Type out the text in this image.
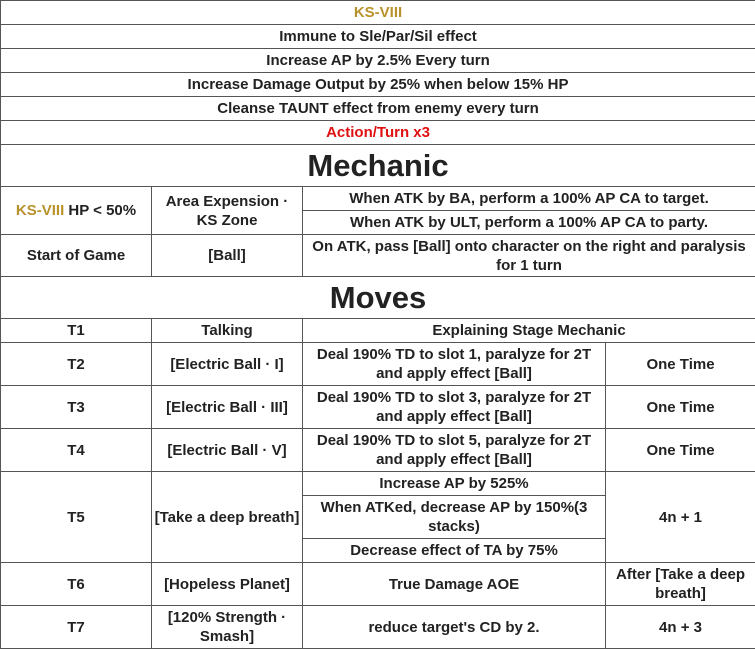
KS-VIII			
Immune to Sle/Par/Sil effect			
Increase AP by 2.5% Every turn			
Increase Damage Output by 25% when below 15% HP			
Cleanse TAUNT effect from enemy every turn			
Action/Turn x3			
Mechanic			
KS-VIII HP < 50%	Area Expension · KS Zone	When ATK by BA, perform a 100% AP CA to target.	
		When ATK by ULT, perform a 100% AP CA to party.	
Start of Game	[Ball]	On ATK, pass [Ball] onto character on the right and paralysis for 1 turn	
Moves			
T1	Talking	Explaining Stage Mechanic	
T2	[Electric Ball · I]	Deal 190% TD to slot 1, paralyze for 2T and apply effect [Ball]	One Time
T3	[Electric Ball · III]	Deal 190% TD to slot 3, paralyze for 2T and apply effect [Ball]	One Time
T4	[Electric Ball · V]	Deal 190% TD to slot 5, paralyze for 2T and apply effect [Ball]	One Time
T5	[Take a deep breath]	Increase AP by 525%	4n + 1
		When ATKed, decrease AP by 150%(3 stacks)	
		Decrease effect of TA by 75%	
T6	[Hopeless Planet]	True Damage AOE	After [Take a deep breath]
T7	[120% Strength · Smash]	reduce target's CD by 2.	4n + 3
